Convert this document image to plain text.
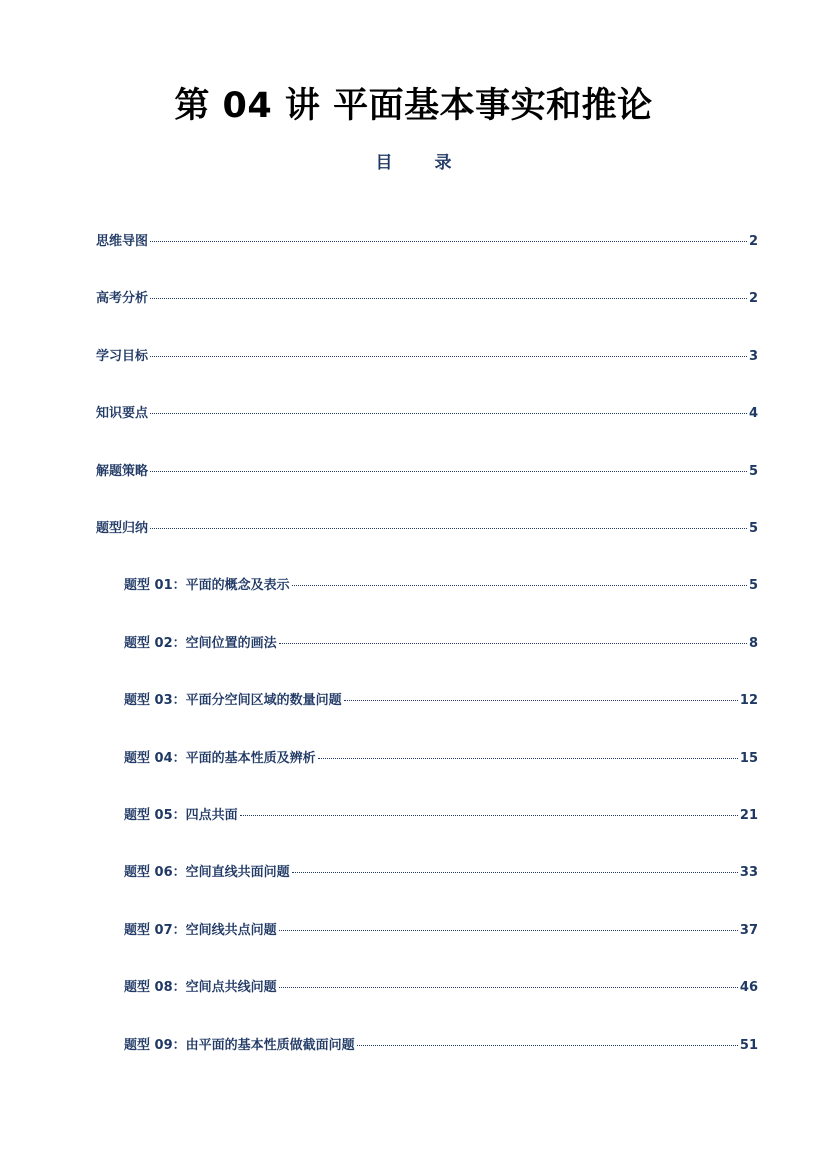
第 04 讲 平面基本事实和推论
目 录
思维导图	2
高考分析	2
学习目标	3
知识要点	4
解题策略	5
题型归纳	5
题型 01：平面的概念及表示	5
题型 02：空间位置的画法	8
题型 03：平面分空间区域的数量问题	12
题型 04：平面的基本性质及辨析	15
题型 05：四点共面	21
题型 06：空间直线共面问题	33
题型 07：空间线共点问题	37
题型 08：空间点共线问题	46
题型 09：由平面的基本性质做截面问题	51
